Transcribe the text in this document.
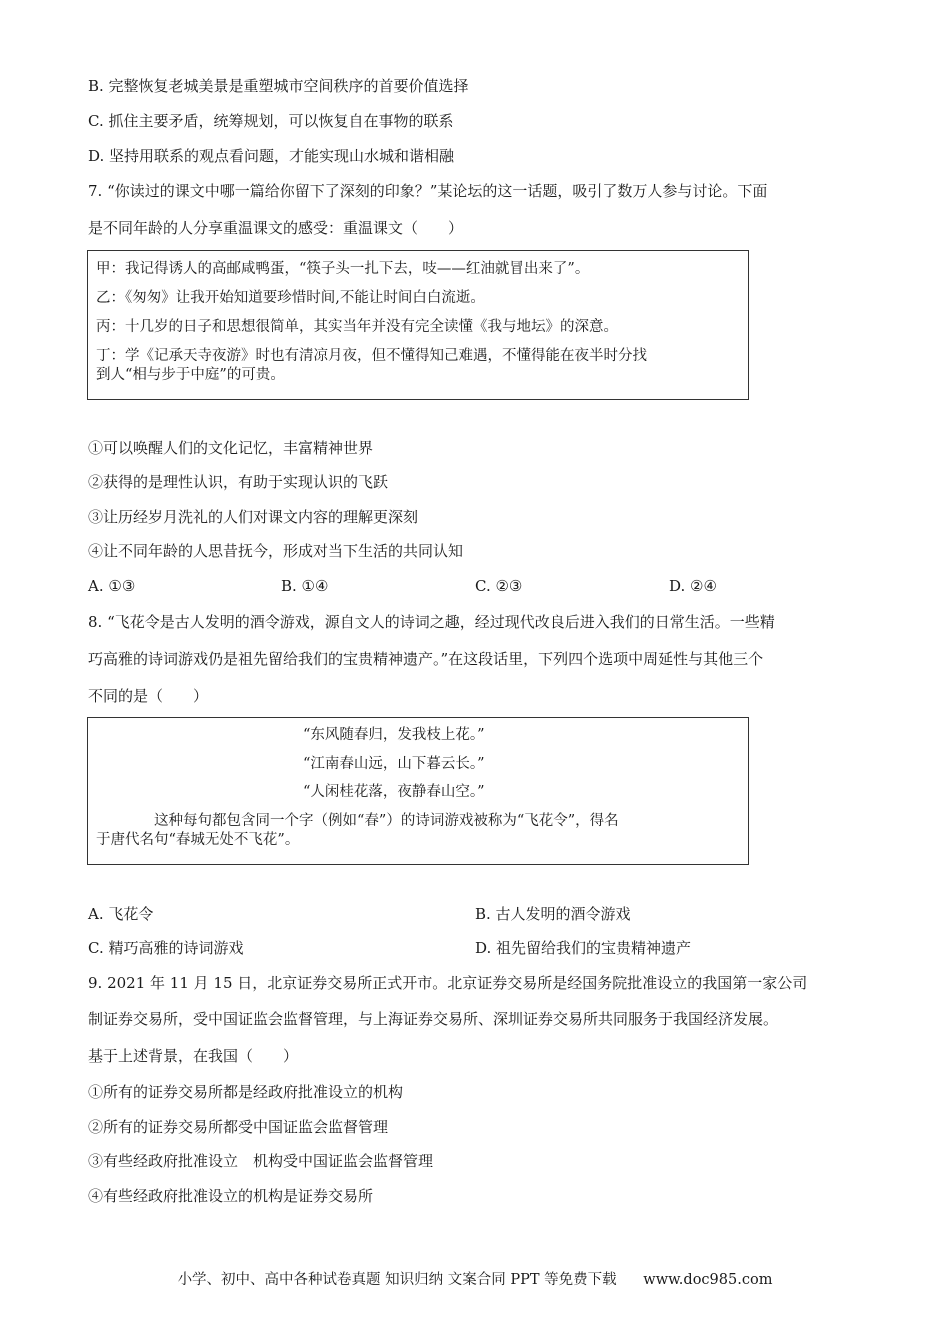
B. 完整恢复老城美景是重塑城市空间秩序的首要价值选择
C. 抓住主要矛盾，统筹规划，可以恢复自在事物的联系
D. 坚持用联系的观点看问题，才能实现山水城和谐相融
7. “你读过的课文中哪一篇给你留下了深刻的印象？”某论坛的这一话题，吸引了数万人参与讨论。下面
是不同年龄的人分享重温课文的感受：重温课文（　　）
甲：我记得诱人的高邮咸鸭蛋，“筷子头一扎下去，吱——红油就冒出来了”。
乙：《匆匆》让我开始知道要珍惜时间,不能让时间白白流逝。
丙：十几岁的日子和思想很简单，其实当年并没有完全读懂《我与地坛》的深意。
丁：学《记承天寺夜游》时也有清凉月夜，但不懂得知己难遇，不懂得能在夜半时分找
到人“相与步于中庭”的可贵。
①可以唤醒人们的文化记忆，丰富精神世界
②获得的是理性认识，有助于实现认识的飞跃
③让历经岁月洗礼的人们对课文内容的理解更深刻
④让不同年龄的人思昔抚今，形成对当下生活的共同认知
A. ①③	B. ①④	C. ②③	D. ②④
8. “飞花令是古人发明的酒令游戏，源自文人的诗词之趣，经过现代改良后进入我们的日常生活。一些精
巧高雅的诗词游戏仍是祖先留给我们的宝贵精神遗产。”在这段话里，下列四个选项中周延性与其他三个
不同的是（　　）
“东风随春归，发我枝上花。”
“江南春山远，山下暮云长。”
“人闲桂花落，夜静春山空。”
这种每句都包含同一个字（例如“春”）的诗词游戏被称为“飞花令”，得名
于唐代名句“春城无处不飞花”。
A. 飞花令	B. 古人发明的酒令游戏
C. 精巧高雅的诗词游戏	D. 祖先留给我们的宝贵精神遗产
9. 2021 年 11 月 15 日，北京证券交易所正式开市。北京证券交易所是经国务院批准设立的我国第一家公司
制证券交易所，受中国证监会监督管理，与上海证券交易所、深圳证券交易所共同服务于我国经济发展。
基于上述背景，在我国（　　）
①所有的证券交易所都是经政府批准设立的机构
②所有的证券交易所都受中国证监会监督管理
③有些经政府批准设立　机构受中国证监会监督管理
④有些经政府批准设立的机构是证券交易所
小学、初中、高中各种试卷真题 知识归纳 文案合同 PPT 等免费下载 www.doc985.com
